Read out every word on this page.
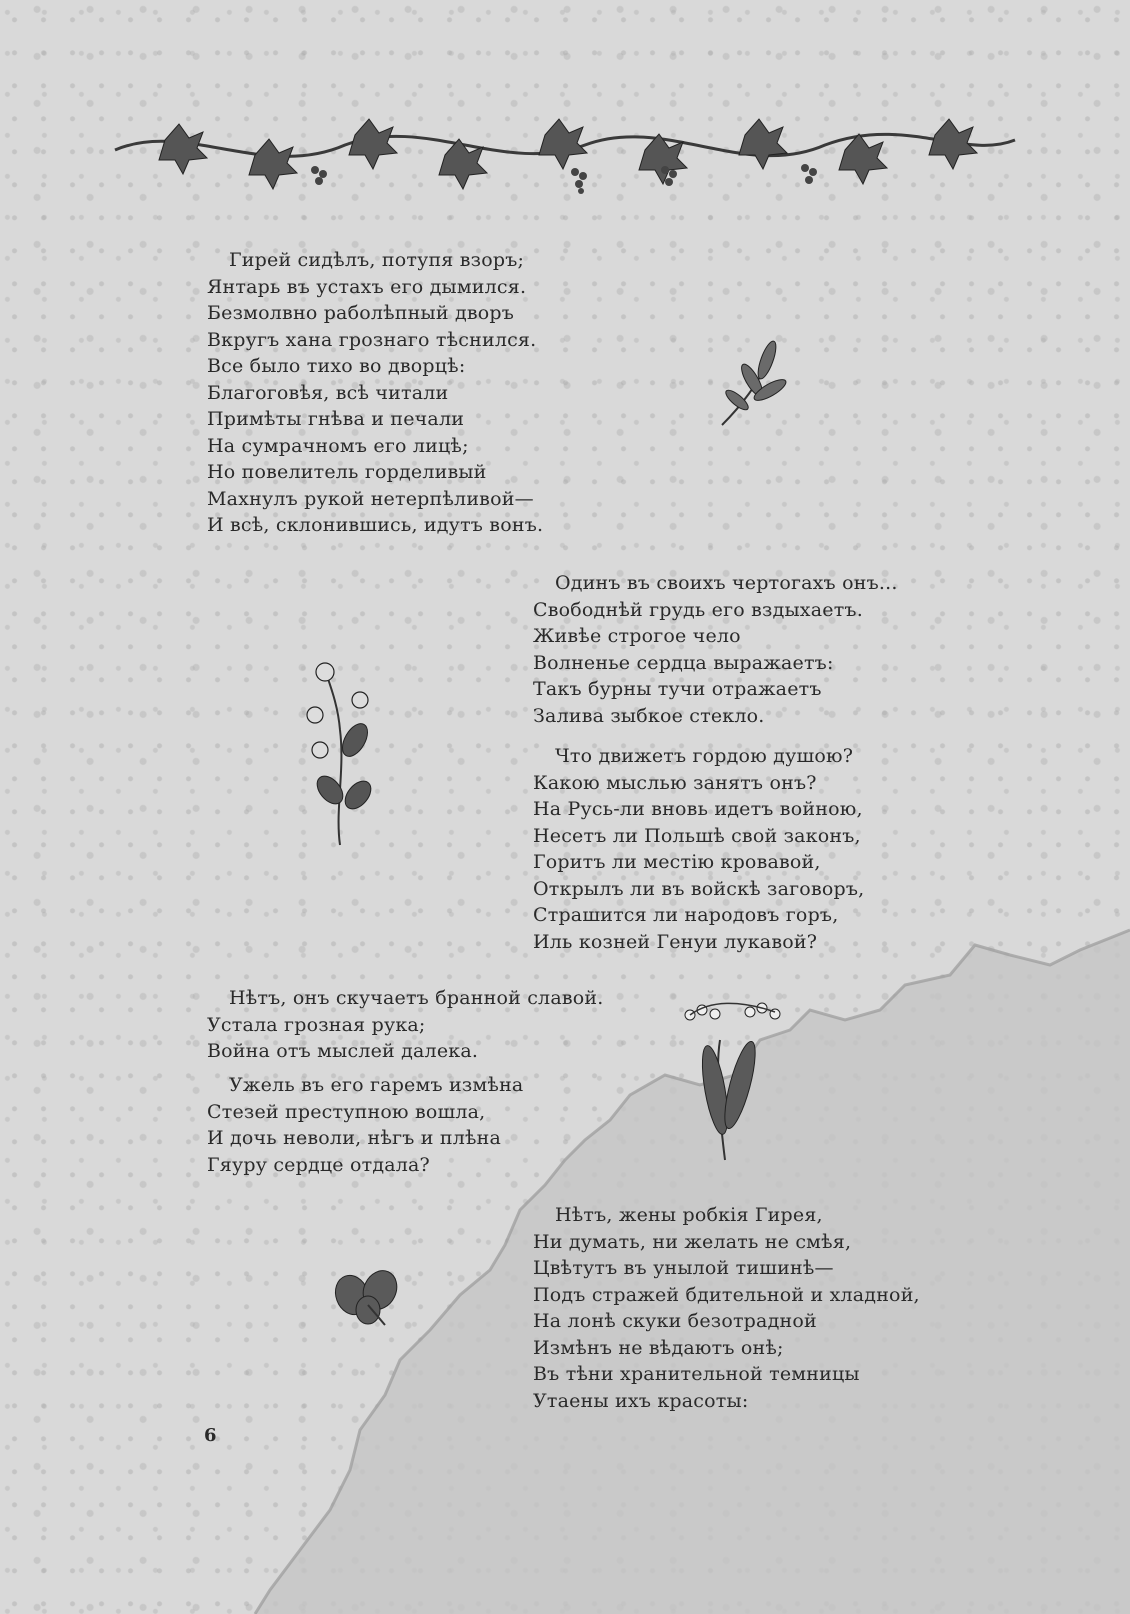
Гирей сидѣлъ, потупя взоръ;
Янтарь въ устахъ его дымился.
Безмолвно раболѣпный дворъ
Вкругъ хана грознаго тѣснился.
Все было тихо во дворцѣ:
Благоговѣя, всѣ читали
Примѣты гнѣва и печали
На сумрачномъ его лицѣ;
Но повелитель горделивый
Махнулъ рукой нетерпѣливой—
И всѣ, склонившись, идутъ вонъ.

Одинъ въ своихъ чертогахъ онъ...
Свободнѣй грудь его вздыхаетъ.
Живѣе строгое чело
Волненье сердца выражаетъ:
Такъ бурны тучи отражаетъ
Залива зыбкое стекло.

Что движетъ гордою душою?
Какою мыслью занятъ онъ?
На Русь-ли вновь идетъ войною,
Несетъ ли Польшѣ свой законъ,
Горитъ ли местію кровавой,
Открылъ ли въ войскѣ заговоръ,
Страшится ли народовъ горъ,
Иль козней Генуи лукавой?

Нѣтъ, онъ скучаетъ бранной славой.
Устала грозная рука;
Война отъ мыслей далека.

Ужель въ его гаремъ измѣна
Стезей преступною вошла,
И дочь неволи, нѣгъ и плѣна
Гяуру сердце отдала?

Нѣтъ, жены робкія Гирея,
Ни думать, ни желать не смѣя,
Цвѣтутъ въ унылой тишинѣ—
Подъ стражей бдительной и хладной,
На лонѣ скуки безотрадной
Измѣнъ не вѣдаютъ онѣ;
Въ тѣни хранительной темницы
Утаены ихъ красоты:

6
